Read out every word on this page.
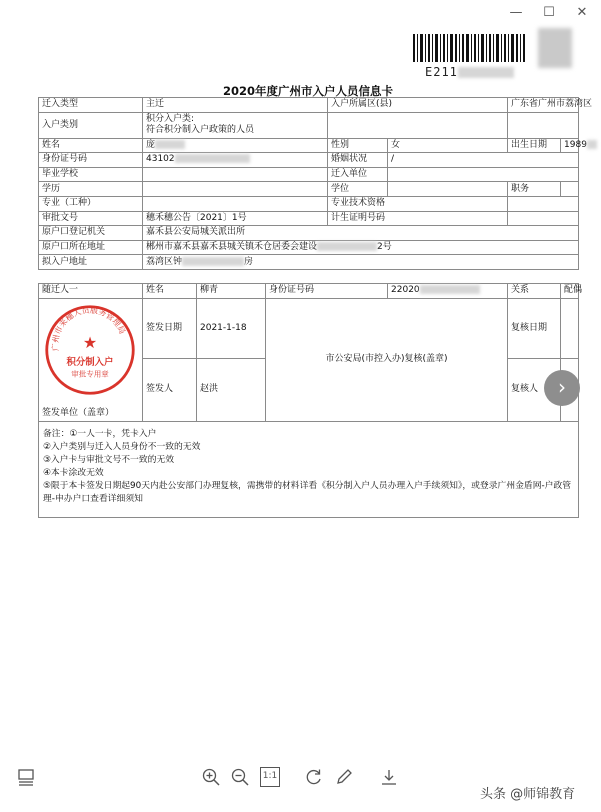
— ☐ ✕
E211
2020年度广州市入户人员信息卡
迁入类型	主迁			入户所属区(县)		广东省广州市荔湾区	
入户类别	积分入户类:
符合积分制入户政策的人员						
姓名	庞			性别	女	出生日期	1989
身份证号码	43102			婚姻状况	/		
毕业学校				迁入单位			
学历				学位		职务	
专业（工种）				专业技术资格			
审批文号	穗禾穗公告〔2021〕1号			计生证明号码			
原户口登记机关	嘉禾县公安局城关派出所						
原户口所在地址	郴州市嘉禾县嘉禾县城关镇禾仓居委会建设 2号						
拟入户地址	荔湾区钟 房						

随迁人一	姓名	柳青	身份证号码		22020	关系	配偶

广州市来穗人员服务管理局
★
积分制入户
审批专用章
签发单位（盖章）	签发日期	2021-1-18	市公安局(市控入办)复核(盖章)			复核日期	
	签发人	赵洪				复核人	

备注：①一人一卡，凭卡入户
②入户类别与迁入人员身份不一致的无效
③入户卡与审批文号不一致的无效
④本卡涂改无效
⑤限于本卡签发日期起90天内赴公安部门办理复核，需携带的材料详看《积分制入户人员办理入户手续须知》，或登录广州金盾网-户政管理-申办户口查看详细须知							
›
1:1
头条 @师锦教育
